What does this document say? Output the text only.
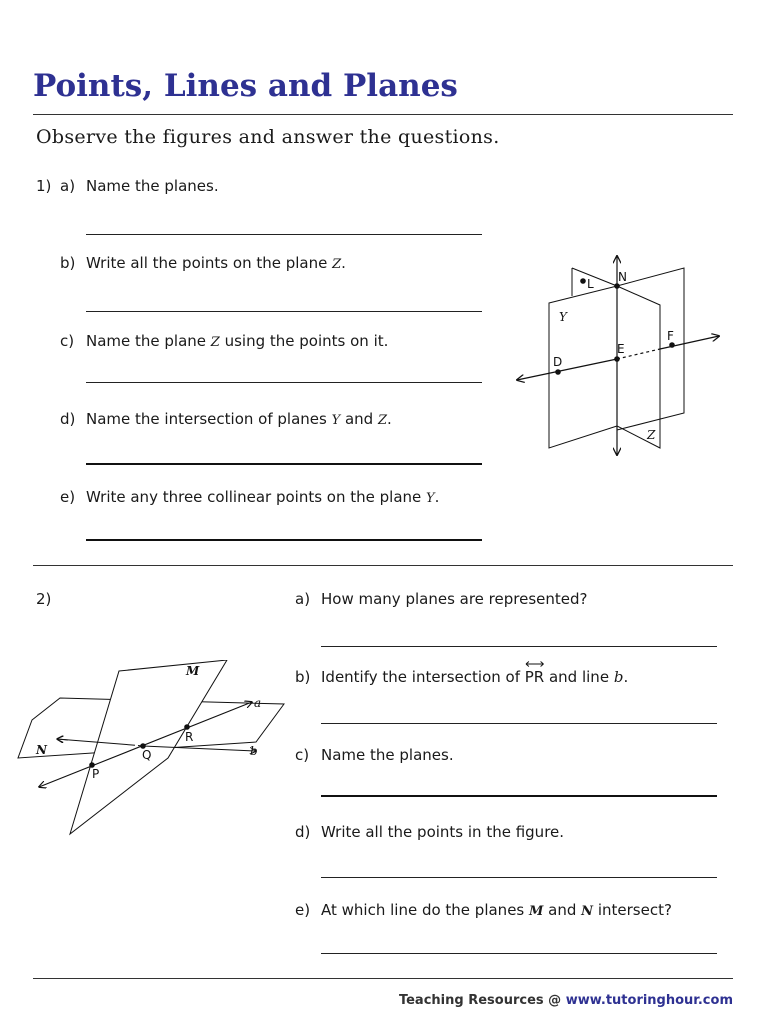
Points, Lines and Planes

Observe the figures and answer the questions.

1) a) Name the planes.
b) Write all the points on the plane Z.
c) Name the plane Z using the points on it.
d) Name the intersection of planes Y and Z.
e) Write any three collinear points on the plane Y.
L N
E
F
D
Y
Z
2)	a) How many planes are represented?
b) Identify the intersection of
PR and line b.
c) Name the planes.
d) Write all the points in the figure.
e) At which line do the planes M and N intersect?
P
Q
R
M
N
a
b
Teaching Resources @ www.tutoringhour.com
